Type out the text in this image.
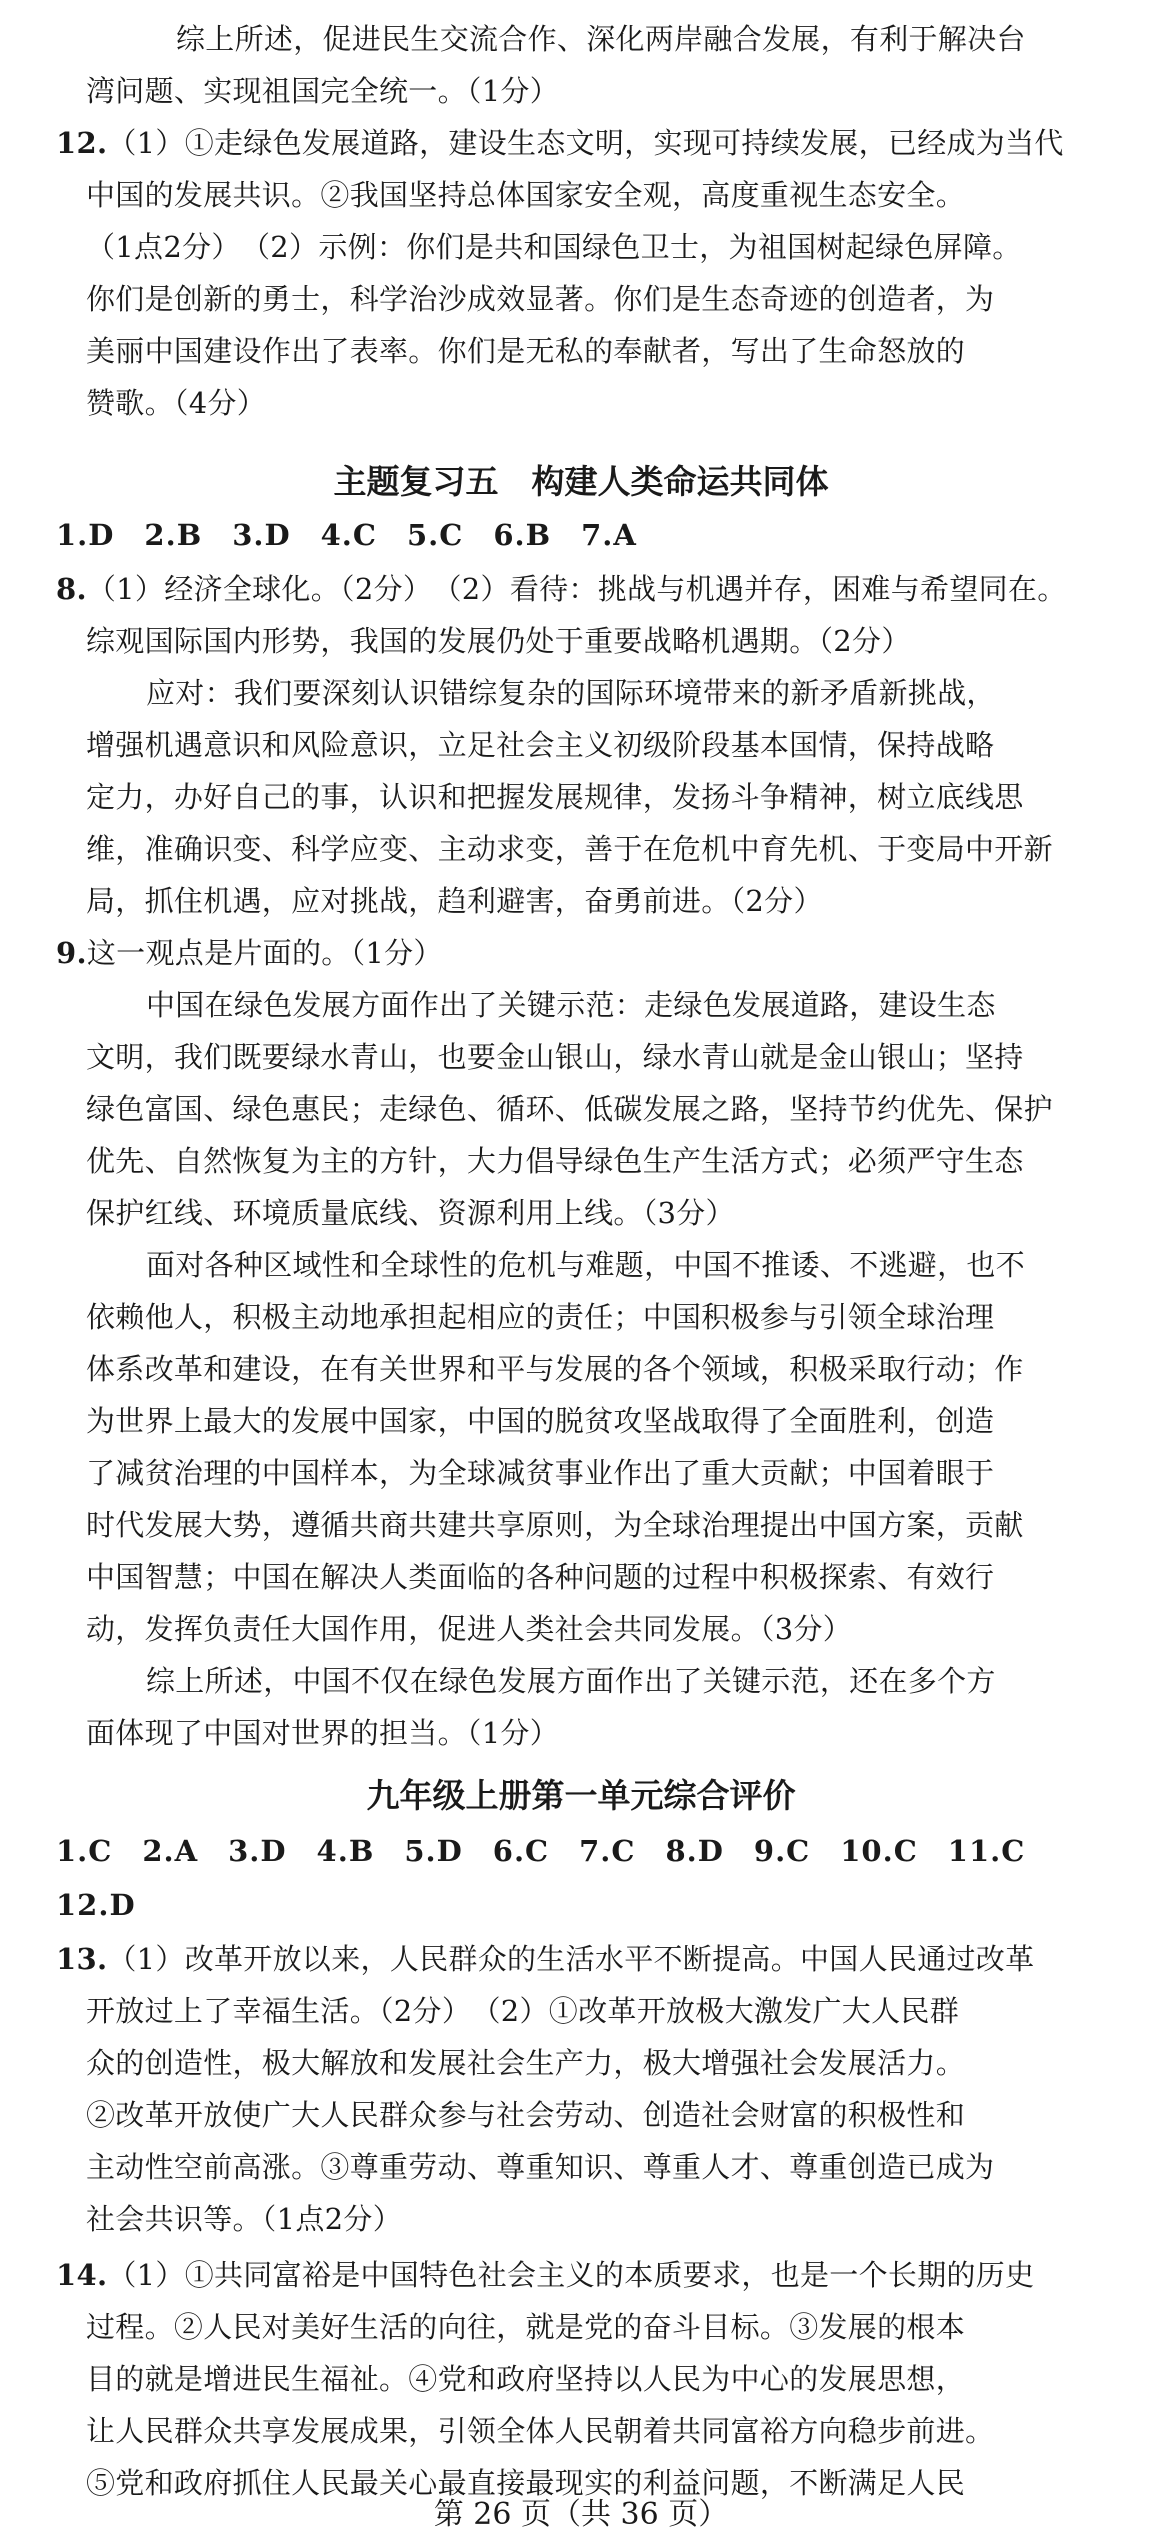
综上所述，促进民生交流合作、深化两岸融合发展，有利于解决台
湾问题、实现祖国完全统一。（1分）
12.（1）①走绿色发展道路，建设生态文明，实现可持续发展，已经成为当代
中国的发展共识。②我国坚持总体国家安全观，高度重视生态安全。
（1点2分）　（2）示例：你们是共和国绿色卫士，为祖国树起绿色屏障。
你们是创新的勇士，科学治沙成效显著。你们是生态奇迹的创造者，为
美丽中国建设作出了表率。你们是无私的奉献者，写出了生命怒放的
赞歌。（4分）
主题复习五　构建人类命运共同体
1.D　2.B　3.D　4.C　5.C　6.B　7.A
8.（1）经济全球化。（2分）　（2）看待：挑战与机遇并存，困难与希望同在。
综观国际国内形势，我国的发展仍处于重要战略机遇期。（2分）
应对：我们要深刻认识错综复杂的国际环境带来的新矛盾新挑战，
增强机遇意识和风险意识，立足社会主义初级阶段基本国情，保持战略
定力，办好自己的事，认识和把握发展规律，发扬斗争精神，树立底线思
维，准确识变、科学应变、主动求变，善于在危机中育先机、于变局中开新
局，抓住机遇，应对挑战，趋利避害，奋勇前进。（2分）
9.这一观点是片面的。（1分）
中国在绿色发展方面作出了关键示范：走绿色发展道路，建设生态
文明，我们既要绿水青山，也要金山银山，绿水青山就是金山银山；坚持
绿色富国、绿色惠民；走绿色、循环、低碳发展之路，坚持节约优先、保护
优先、自然恢复为主的方针，大力倡导绿色生产生活方式；必须严守生态
保护红线、环境质量底线、资源利用上线。（3分）
面对各种区域性和全球性的危机与难题，中国不推诿、不逃避，也不
依赖他人，积极主动地承担起相应的责任；中国积极参与引领全球治理
体系改革和建设，在有关世界和平与发展的各个领域，积极采取行动；作
为世界上最大的发展中国家，中国的脱贫攻坚战取得了全面胜利，创造
了减贫治理的中国样本，为全球减贫事业作出了重大贡献；中国着眼于
时代发展大势，遵循共商共建共享原则，为全球治理提出中国方案，贡献
中国智慧；中国在解决人类面临的各种问题的过程中积极探索、有效行
动，发挥负责任大国作用，促进人类社会共同发展。（3分）
综上所述，中国不仅在绿色发展方面作出了关键示范，还在多个方
面体现了中国对世界的担当。（1分）
九年级上册第一单元综合评价
1.C　2.A　3.D　4.B　5.D　6.C　7.C　8.D　9.C　10.C　11.C
12.D
13.（1）改革开放以来，人民群众的生活水平不断提高。中国人民通过改革
开放过上了幸福生活。（2分）　（2）①改革开放极大激发广大人民群
众的创造性，极大解放和发展社会生产力，极大增强社会发展活力。
②改革开放使广大人民群众参与社会劳动、创造社会财富的积极性和
主动性空前高涨。③尊重劳动、尊重知识、尊重人才、尊重创造已成为
社会共识等。（1点2分）
14.（1）①共同富裕是中国特色社会主义的本质要求，也是一个长期的历史
过程。②人民对美好生活的向往，就是党的奋斗目标。③发展的根本
目的就是增进民生福祉。④党和政府坚持以人民为中心的发展思想，
让人民群众共享发展成果，引领全体人民朝着共同富裕方向稳步前进。
⑤党和政府抓住人民最关心最直接最现实的利益问题，不断满足人民
第 26 页（共 36 页）
